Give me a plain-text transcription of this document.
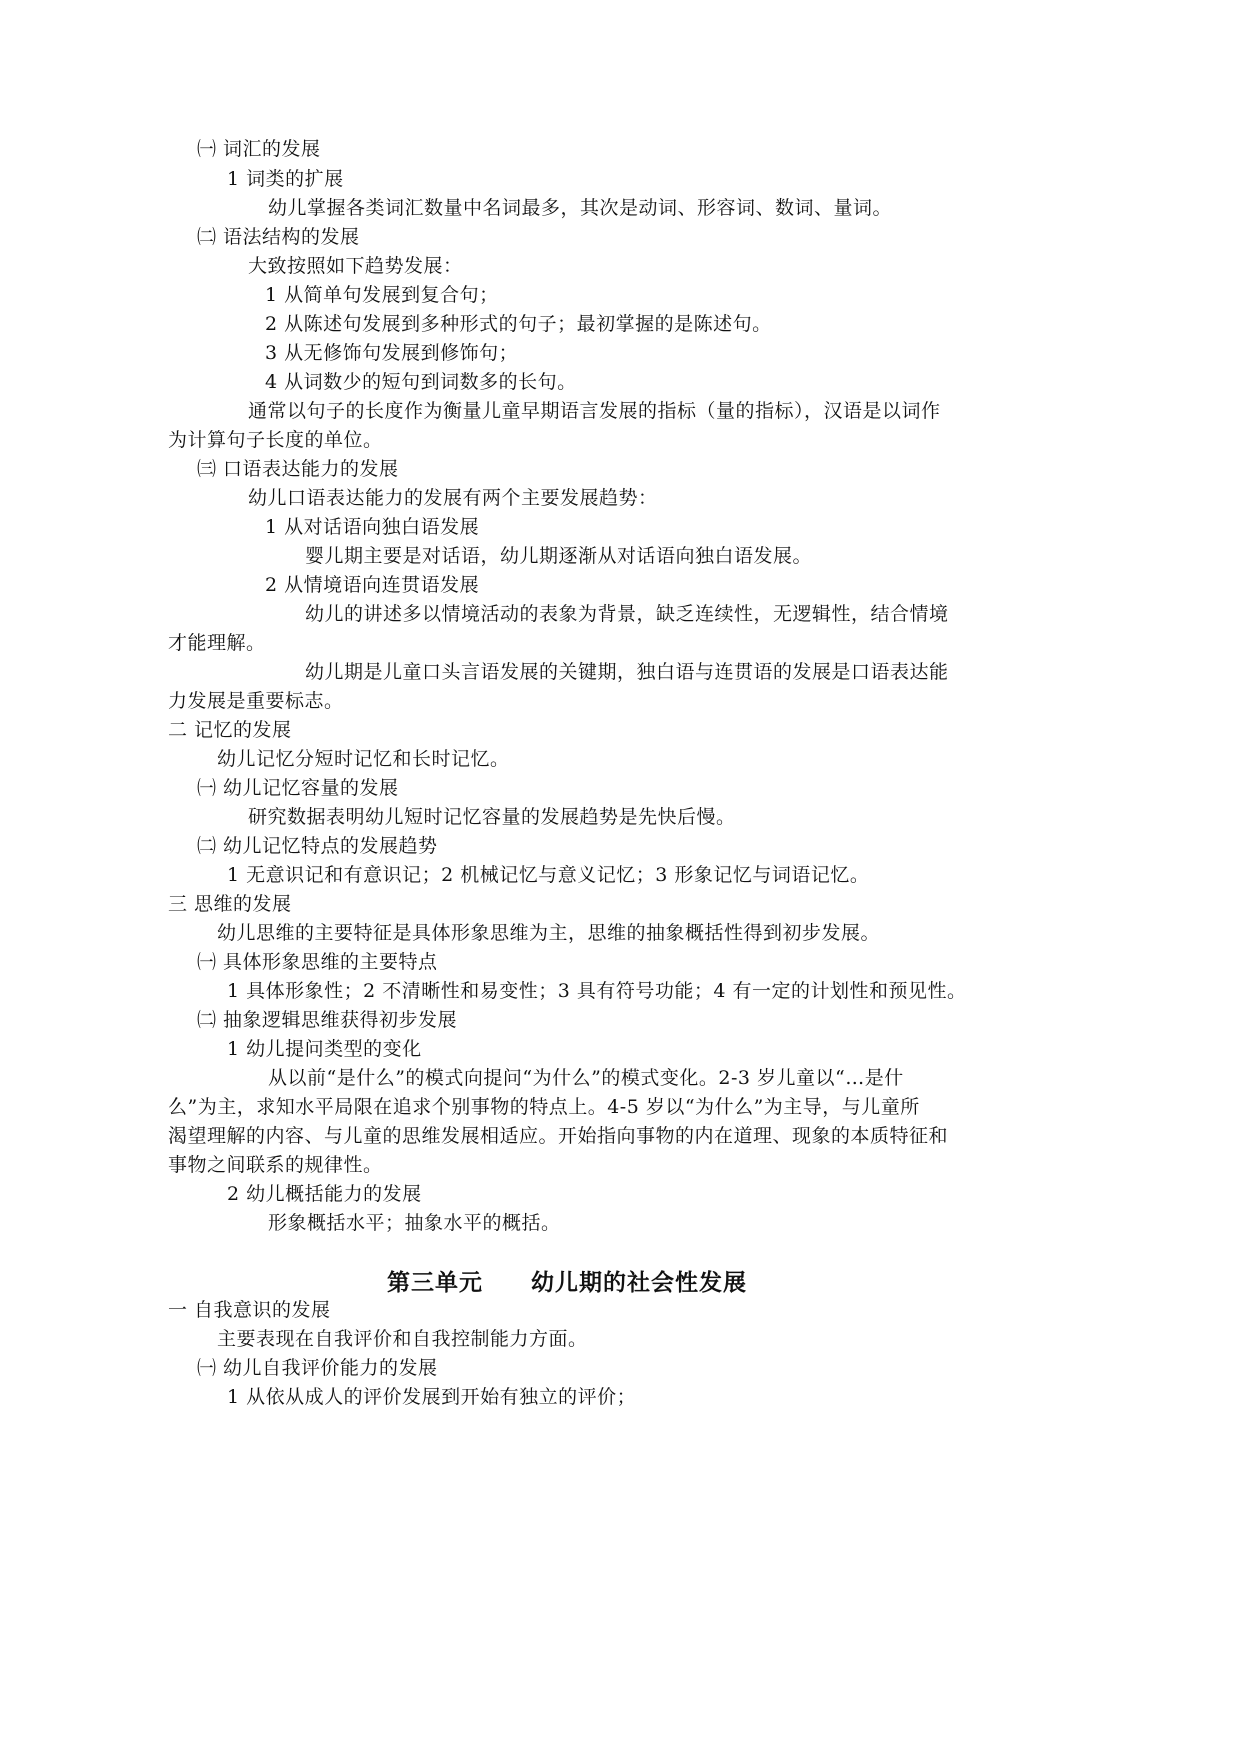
㈠ 词汇的发展
1 词类的扩展
幼儿掌握各类词汇数量中名词最多，其次是动词、形容词、数词、量词。
㈡ 语法结构的发展
大致按照如下趋势发展：
1 从简单句发展到复合句；
2 从陈述句发展到多种形式的句子；最初掌握的是陈述句。
3 从无修饰句发展到修饰句；
4 从词数少的短句到词数多的长句。
通常以句子的长度作为衡量儿童早期语言发展的指标（量的指标），汉语是以词作
为计算句子长度的单位。
㈢ 口语表达能力的发展
幼儿口语表达能力的发展有两个主要发展趋势：
1 从对话语向独白语发展
婴儿期主要是对话语，幼儿期逐渐从对话语向独白语发展。
2 从情境语向连贯语发展
幼儿的讲述多以情境活动的表象为背景，缺乏连续性，无逻辑性，结合情境
才能理解。
幼儿期是儿童口头言语发展的关键期，独白语与连贯语的发展是口语表达能
力发展是重要标志。
二 记忆的发展
幼儿记忆分短时记忆和长时记忆。
㈠ 幼儿记忆容量的发展
研究数据表明幼儿短时记忆容量的发展趋势是先快后慢。
㈡ 幼儿记忆特点的发展趋势
1 无意识记和有意识记；2 机械记忆与意义记忆；3 形象记忆与词语记忆。
三 思维的发展
幼儿思维的主要特征是具体形象思维为主，思维的抽象概括性得到初步发展。
㈠ 具体形象思维的主要特点
1 具体形象性；2 不清晰性和易变性；3 具有符号功能；4 有一定的计划性和预见性。
㈡ 抽象逻辑思维获得初步发展
1 幼儿提问类型的变化
从以前“是什么”的模式向提问“为什么”的模式变化。2-3 岁儿童以“…是什
么”为主，求知水平局限在追求个别事物的特点上。4-5 岁以“为什么”为主导，与儿童所
渴望理解的内容、与儿童的思维发展相适应。开始指向事物的内在道理、现象的本质特征和
事物之间联系的规律性。
2 幼儿概括能力的发展
形象概括水平；抽象水平的概括。
第三单元　　幼儿期的社会性发展
一 自我意识的发展
主要表现在自我评价和自我控制能力方面。
㈠ 幼儿自我评价能力的发展
1 从依从成人的评价发展到开始有独立的评价；
